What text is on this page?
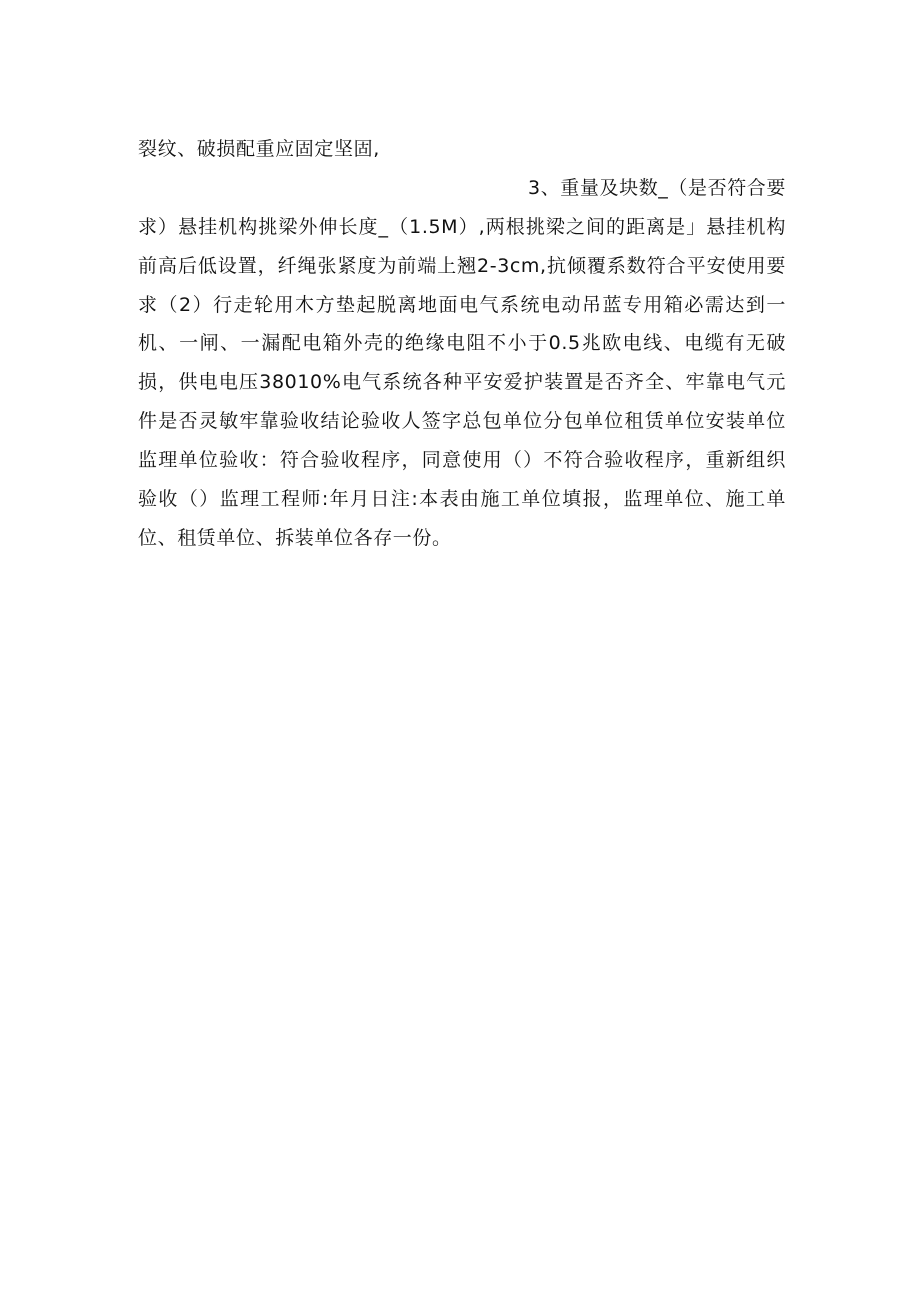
裂纹、破损配重应固定坚固,
3、重量及块数_（是否符合要
求）悬挂机构挑梁外伸长度_（1.5M）,两根挑梁之间的距离是」悬挂机构
前高后低设置，纤绳张紧度为前端上翘2-3cm,抗倾覆系数符合平安使用要
求（2）行走轮用木方垫起脱离地面电气系统电动吊蓝专用箱必需达到一
机、一闸、一漏配电箱外壳的绝缘电阻不小于0.5兆欧电线、电缆有无破
损，供电电压38010%电气系统各种平安爱护装置是否齐全、牢靠电气元
件是否灵敏牢靠验收结论验收人签字总包单位分包单位租赁单位安装单位
监理单位验收：符合验收程序，同意使用（）不符合验收程序，重新组织
验收（）监理工程师:年月日注:本表由施工单位填报，监理单位、施工单
位、租赁单位、拆装单位各存一份。
